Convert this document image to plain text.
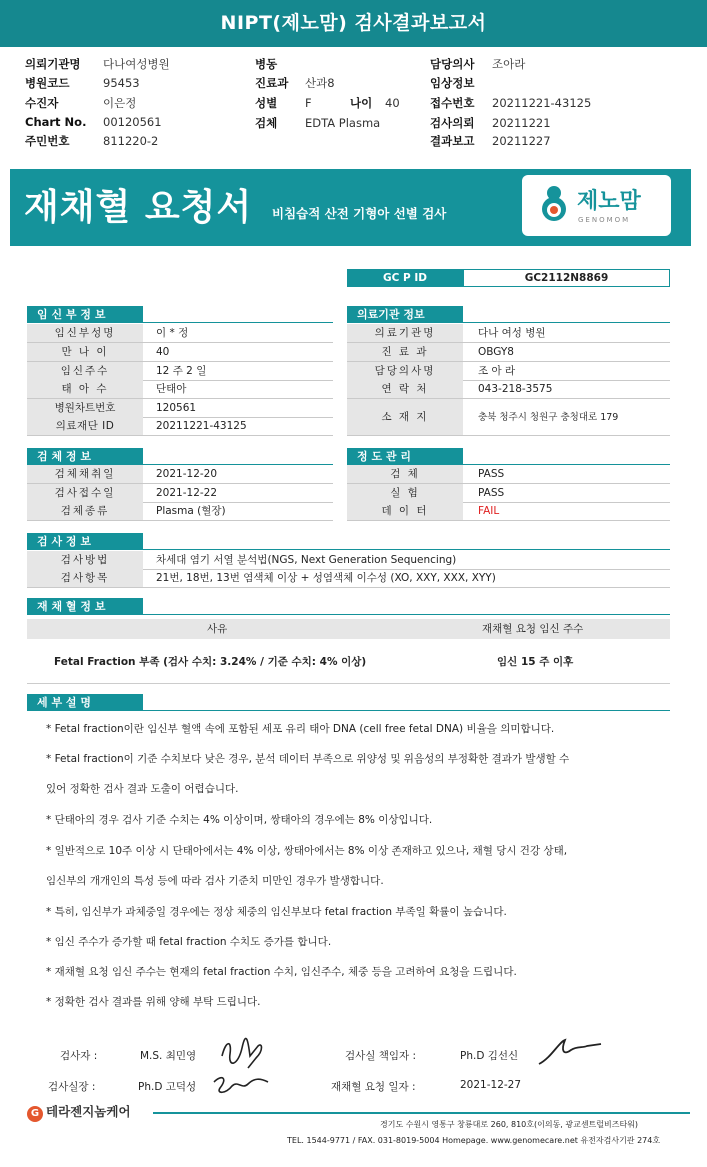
NIPT(제노맘) 검사결과보고서
의뢰기관명 다나여성병원
병원코드	95453
수진자	이은정
Chart No. 00120561
주민번호	811220-2
병동
진료과 산과8
성별 F	나이 40
검체 EDTA Plasma
담당의사 조아라
임상정보
접수번호 20211221-43125
검사의뢰 20211221
결과보고 20211227
재채혈 요청서 비침습적 산전 기형아 선별 검사	제노맘
GENOMOM
GC P ID	GC2112N8869
임 신 부 정 보
임신부성명	이 * 정
만 나 이	40
임신주수	12 주 2 일
태 아 수	단태아
병원차트번호	120561
의료재단 ID	20211221-43125
의료기관 정보
의료기관명	다나 여성 병원
진 료 과	OBGY8
담당의사명	조 아 라
연 락 처	043-218-3575
소 재 지	충북 청주시 청원구 충청대로 179
검 체 정 보
검체채취일	2021-12-20
검사접수일	2021-12-22
검체종류	Plasma (혈장)
정 도 관 리
검 체	PASS
실 험	PASS
데 이 터	FAIL
검 사 정 보
검사방법	차세대 염기 서열 분석법(NGS, Next Generation Sequencing)
검사항목	21번, 18번, 13번 염색체 이상 + 성염색체 이수성 (XO, XXY, XXX, XYY)
재 채 혈 정 보
사유	재채혈 요청 임신 주수
Fetal Fraction 부족 (검사 수치: 3.24% / 기준 수치: 4% 이상)	임신 15 주 이후
세 부 설 명
* Fetal fraction이란 임신부 혈액 속에 포함된 세포 유리 태아 DNA (cell free fetal DNA) 비율을 의미합니다.
* Fetal fraction이 기준 수치보다 낮은 경우, 분석 데이터 부족으로 위양성 및 위음성의 부정확한 결과가 발생할 수
있어 정확한 검사 결과 도출이 어렵습니다.
* 단태아의 경우 검사 기준 수치는 4% 이상이며, 쌍태아의 경우에는 8% 이상입니다.
* 일반적으로 10주 이상 시 단태아에서는 4% 이상, 쌍태아에서는 8% 이상 존재하고 있으나, 채혈 당시 건강 상태,
임신부의 개개인의 특성 등에 따라 검사 기준치 미만인 경우가 발생합니다.
* 특히, 임신부가 과체중일 경우에는 정상 체중의 임신부보다 fetal fraction 부족일 확률이 높습니다.
* 임신 주수가 증가할 때 fetal fraction 수치도 증가를 합니다.
* 재채혈 요청 임신 주수는 현재의 fetal fraction 수치, 임신주수, 체중 등을 고려하여 요청을 드립니다.
* 정확한 검사 결과를 위해 양해 부탁 드립니다.
검사자 :	M.S. 최민영	검사실 책임자 :	Ph.D 김선신
검사실장 :	Ph.D 고덕성	재채혈 요청 일자 :	2021-12-27
G 테라젠지놈케어
경기도 수원시 영통구 창룡대로 260, 810호(이의동, 광교센트럴비즈타워)
TEL. 1544-9771 / FAX. 031-8019-5004 Homepage. www.genomecare.net 유전자검사기관 274호
